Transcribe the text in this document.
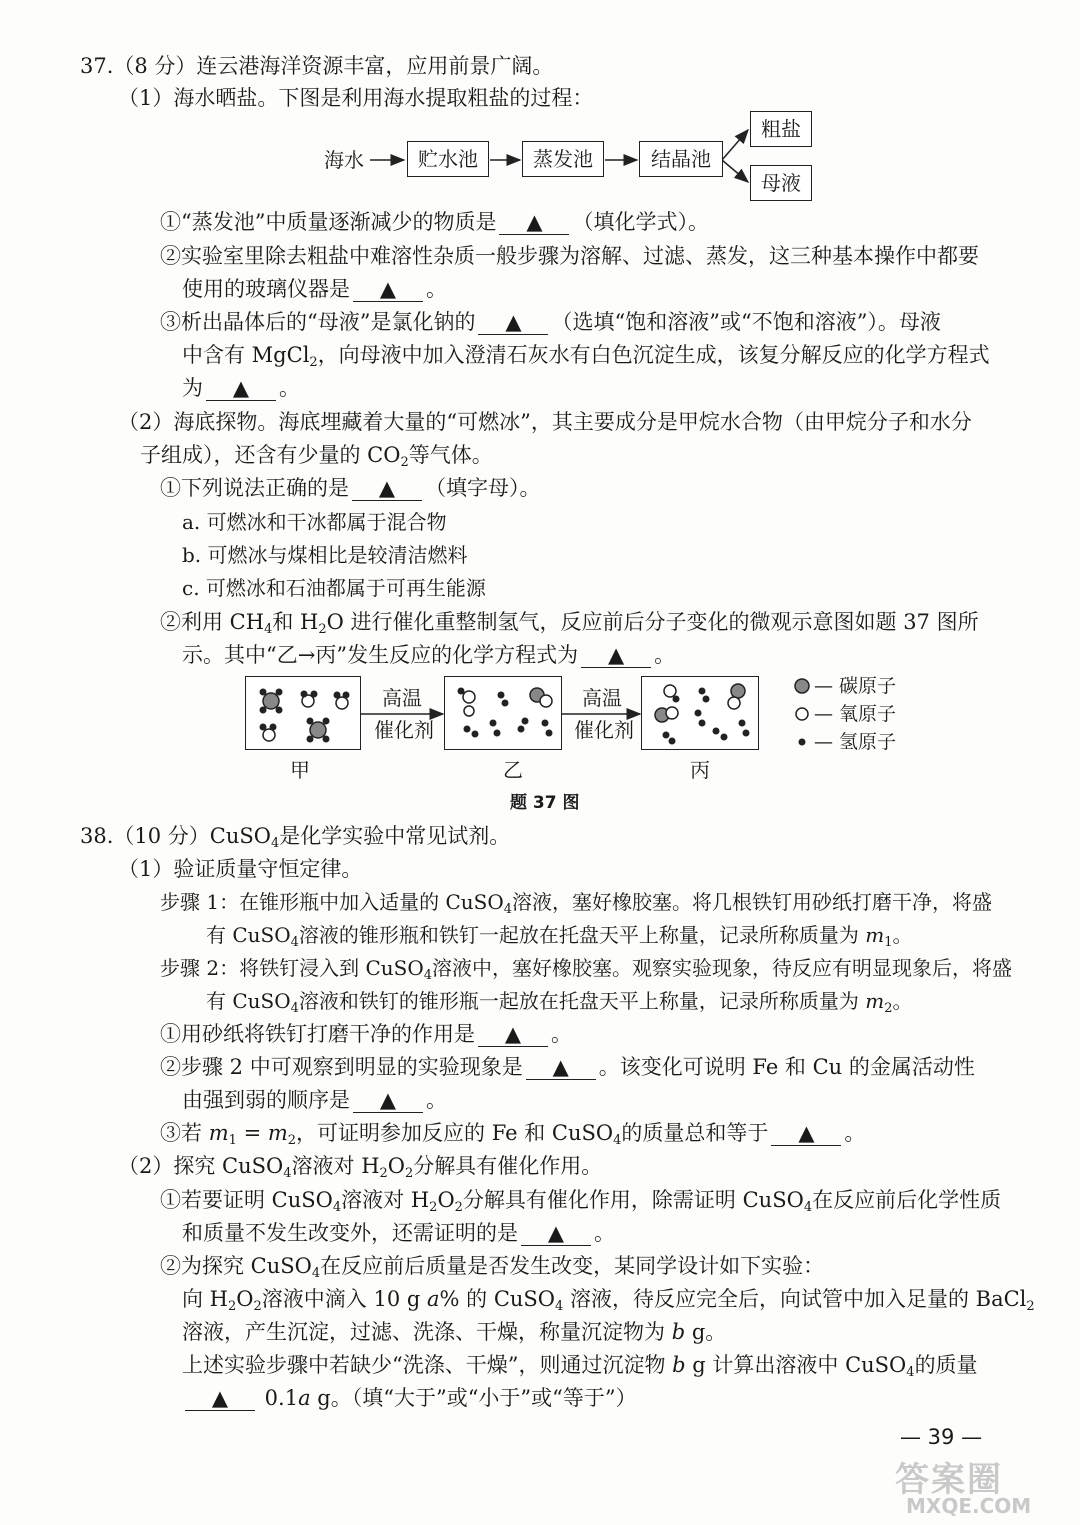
37.（8 分）连云港海洋资源丰富，应用前景广阔。
（1）海水晒盐。下图是利用海水提取粗盐的过程：
海水	贮水池	蒸发池	结晶池
粗盐
母液
①“蒸发池”中质量逐渐减少的物质是 ▲ （填化学式）。
②实验室里除去粗盐中难溶性杂质一般步骤为溶解、过滤、蒸发，这三种基本操作中都要
使用的玻璃仪器是 ▲ 。
③析出晶体后的“母液”是氯化钠的 ▲ （选填“饱和溶液”或“不饱和溶液”）。母液
中含有 MgCl$_2$，向母液中加入澄清石灰水有白色沉淀生成，该复分解反应的化学方程式
为 ▲ 。
（2）海底探物。海底埋藏着大量的“可燃冰”，其主要成分是甲烷水合物（由甲烷分子和水分
子组成），还含有少量的 $CO_2$等气体。
①下列说法正确的是 ▲ （填字母）。
a. 可燃冰和干冰都属于混合物
b. 可燃冰与煤相比是较清洁燃料
c. 可燃冰和石油都属于可再生能源
②利用 $CH_4$和 $H_2O$ 进行催化重整制氢气，反应前后分子变化的微观示意图如题 37 图所
示。其中“乙→丙”发生反应的化学方程式为 ▲ 。
高温
催化剂
高温
催化剂
甲	乙	丙
— 碳原子
— 氧原子
— 氢原子
题 37 图
38.（10 分）CuSO$_4$是化学实验中常见试剂。
（1）验证质量守恒定律。
步骤 1：在锥形瓶中加入适量的 CuSO$_4$溶液，塞好橡胶塞。将几根铁钉用砂纸打磨干净，将盛
有 CuSO$_4$溶液的锥形瓶和铁钉一起放在托盘天平上称量，记录所称质量为 $m_1$。
步骤 2：将铁钉浸入到 CuSO$_4$溶液中，塞好橡胶塞。观察实验现象，待反应有明显现象后，将盛
有 CuSO$_4$溶液和铁钉的锥形瓶一起放在托盘天平上称量，记录所称质量为 $m_2$。
①用砂纸将铁钉打磨干净的作用是 ▲ 。
②步骤 2 中可观察到明显的实验现象是 ▲ 。该变化可说明 Fe 和 Cu 的金属活动性
由强到弱的顺序是 ▲ 。
③若 $m_1 = m_2$，可证明参加反应的 Fe 和 CuSO$_4$的质量总和等于 ▲ 。
（2）探究 CuSO$_4$溶液对 $H_2O_2$分解具有催化作用。
①若要证明 CuSO$_4$溶液对 $H_2O_2$分解具有催化作用，除需证明 CuSO$_4$在反应前后化学性质
和质量不发生改变外，还需证明的是 ▲ 。
②为探究 CuSO$_4$在反应前后质量是否发生改变，某同学设计如下实验：
向 $H_2O_2$溶液中滴入 10 g a% 的 CuSO$_4$ 溶液，待反应完全后，向试管中加入足量的 BaCl$_2$
溶液，产生沉淀，过滤、洗涤、干燥，称量沉淀物为 b g。
上述实验步骤中若缺少“洗涤、干燥”，则通过沉淀物 b g 计算出溶液中 CuSO$_4$的质量
▲ 0.1a g。（填“大于”或“小于”或“等于”）
— 39 —
答案圈
MXQE.COM
